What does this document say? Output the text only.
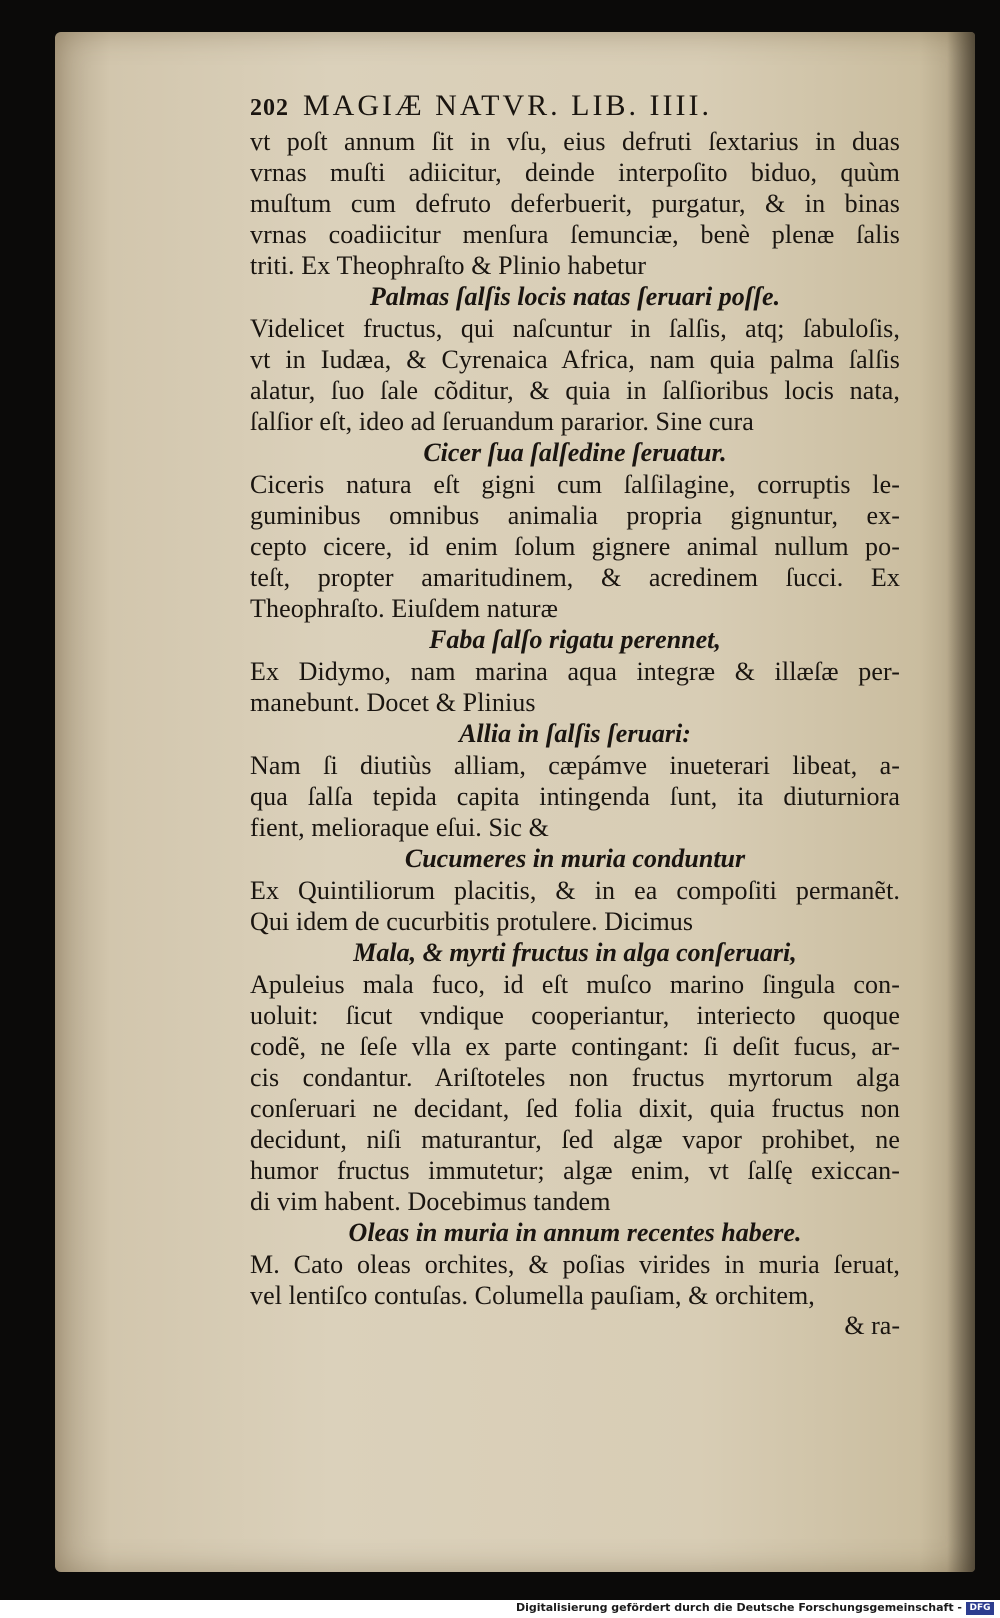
202 MAGIÆ NATVR. LIB. IIII.
vt poſt annum ſit in vſu, eius defruti ſextarius in duas
vrnas muſti adiicitur, deinde interpoſito biduo, quùm
muſtum cum defruto deferbuerit, purgatur, & in binas
vrnas coadiicitur menſura ſemunciæ, benè plenæ ſalis
triti. Ex Theophraſto & Plinio habetur
Palmas ſalſis locis natas ſeruari poſſe.
Videlicet fructus, qui naſcuntur in ſalſis, atq; ſabuloſis,
vt in Iudæa, & Cyrenaica Africa, nam quia palma ſalſis
alatur, ſuo ſale cõditur, & quia in ſalſioribus locis nata,
ſalſior eſt, ideo ad ſeruandum pararior. Sine cura
Cicer ſua ſalſedine ſeruatur.
Ciceris natura eſt gigni cum ſalſilagine, corruptis le-
guminibus omnibus animalia propria gignuntur, ex-
cepto cicere, id enim ſolum gignere animal nullum po-
teſt, propter amaritudinem, & acredinem ſucci. Ex
Theophraſto. Eiuſdem naturæ
Faba ſalſo rigatu perennet,
Ex Didymo, nam marina aqua integræ & illæſæ per-
manebunt. Docet & Plinius
Allia in ſalſis ſeruari:
Nam ſi diutiùs alliam, cæpámve inueterari libeat, a-
qua ſalſa tepida capita intingenda ſunt, ita diuturniora
fient, melioraque eſui. Sic &
Cucumeres in muria conduntur
Ex Quintiliorum placitis, & in ea compoſiti permanẽt.
Qui idem de cucurbitis protulere. Dicimus
Mala, & myrti fructus in alga conſeruari,
Apuleius mala fuco, id eſt muſco marino ſingula con-
uoluit: ſicut vndique cooperiantur, interiecto quoque
codẽ, ne ſeſe vlla ex parte contingant: ſi deſit fucus, ar-
cis condantur. Ariſtoteles non fructus myrtorum alga
conſeruari ne decidant, ſed folia dixit, quia fructus non
decidunt, niſi maturantur, ſed algæ vapor prohibet, ne
humor fructus immutetur; algæ enim, vt ſalſę exiccan-
di vim habent. Docebimus tandem
Oleas in muria in annum recentes habere.
M. Cato oleas orchites, & poſias virides in muria ſeruat,
vel lentiſco contuſas. Columella pauſiam, & orchitem,
& ra-
Digitalisierung gefördert durch die Deutsche Forschungsgemeinschaft - DFG
